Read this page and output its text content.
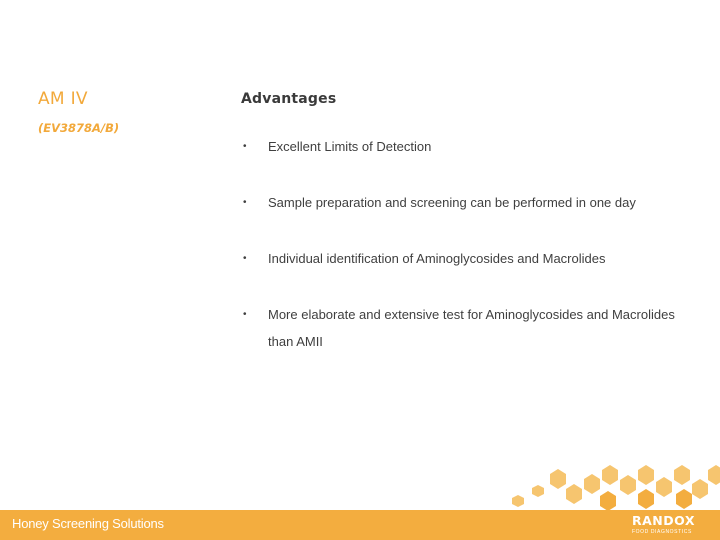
AM IV
(EV3878A/B)
Advantages
• Excellent Limits of Detection
• Sample preparation and screening can be performed in one day
• Individual identification of Aminoglycosides and Macrolides
• More elaborate and extensive test for Aminoglycosides and Macrolides than AMII
Honey Screening Solutions	RANDOX
FOOD DIAGNOSTICS
